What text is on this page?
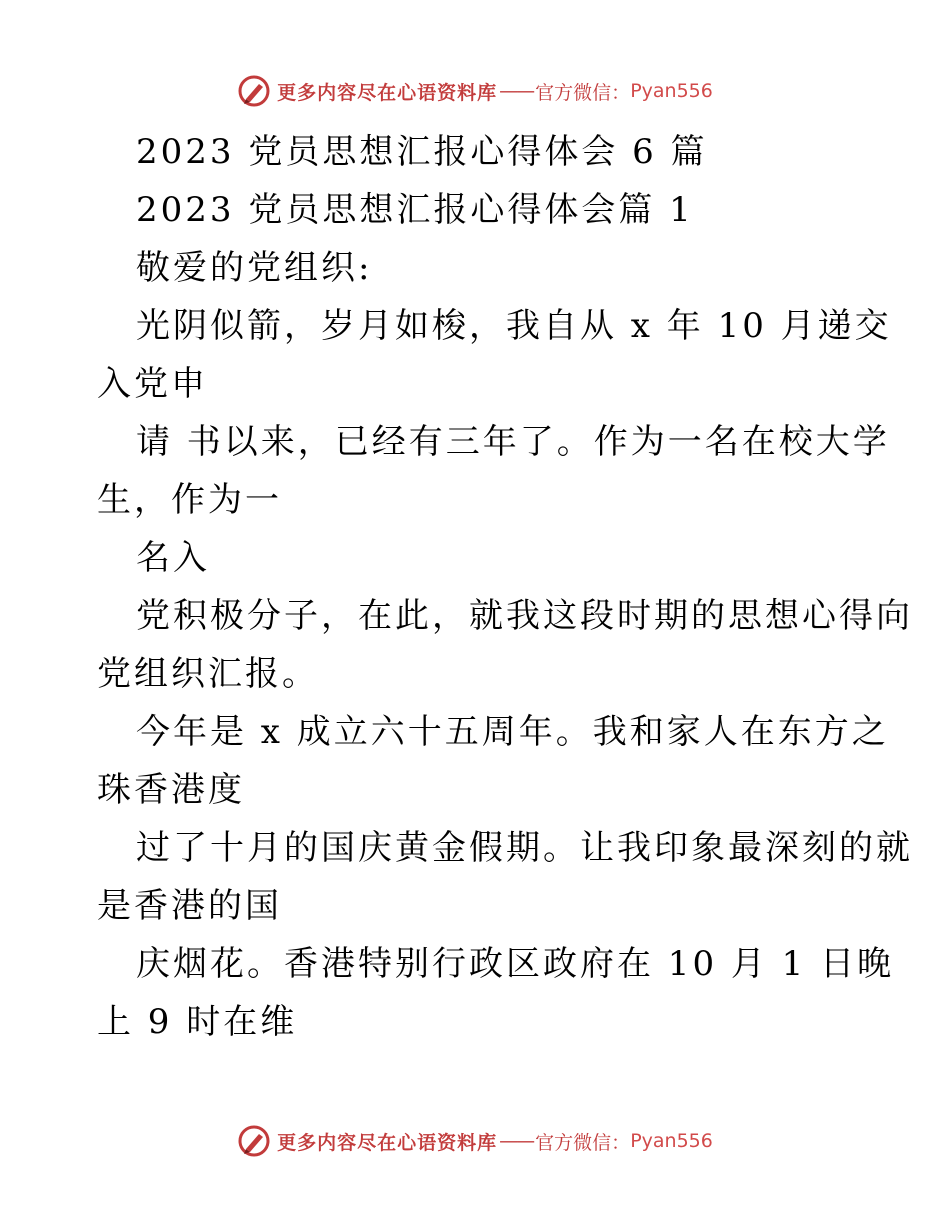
更多内容尽在心语资料库 —— 官方微信： Pyan556
2023 党员思想汇报心得体会 6 篇
2023 党员思想汇报心得体会篇 1
敬爱的党组织:
光阴似箭，岁月如梭，我自从 x 年 10 月递交
入党申
请 书以来，已经有三年了。作为一名在校大学
生，作为一
名入
党积极分子，在此，就我这段时期的思想心得向
党组织汇报。
今年是 x 成立六十五周年。我和家人在东方之
珠香港度
过了十月的国庆黄金假期。让我印象最深刻的就
是香港的国
庆烟花。香港特别行政区政府在 10 月 1 日晚
上 9 时在维
更多内容尽在心语资料库 —— 官方微信： Pyan556
